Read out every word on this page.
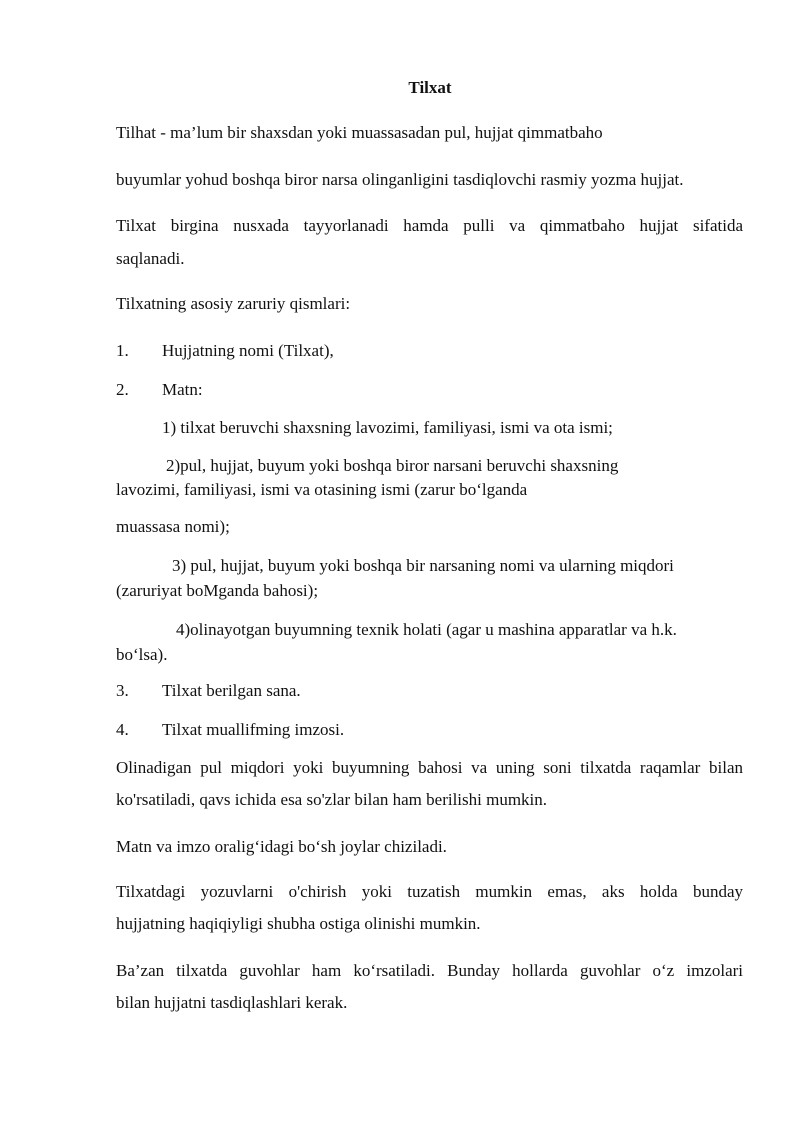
Tilxat
Tilhat - ma’lum bir shaxsdan yoki muassasadan pul, hujjat qimmatbaho
buyumlar yohud boshqa biror narsa olinganligini tasdiqlovchi rasmiy yozma hujjat.
Tilxat birgina nusxada tayyorlanadi hamda pulli va qimmatbaho hujjat sifatida
saqlanadi.
Tilxatning asosiy zaruriy qismlari:
1. Hujjatning nomi (Tilxat),
2. Matn:
1) tilxat beruvchi shaxsning lavozimi, familiyasi, ismi va ota ismi;
2)pul, hujjat, buyum yoki boshqa biror narsani beruvchi shaxsning
lavozimi, familiyasi, ismi va otasining ismi (zarur bo‘lganda
muassasa nomi);
3) pul, hujjat, buyum yoki boshqa bir narsaning nomi va ularning miqdori
(zaruriyat boMganda bahosi);
4)olinayotgan buyumning texnik holati (agar u mashina apparatlar va h.k.
bo‘lsa).
3. Tilxat berilgan sana.
4. Tilxat muallifming imzosi.
Olinadigan pul miqdori yoki buyumning bahosi va uning soni tilxatda raqamlar bilan
ko'rsatiladi, qavs ichida esa so'zlar bilan ham berilishi mumkin.
Matn va imzo oralig‘idagi bo‘sh joylar chiziladi.
Tilxatdagi yozuvlarni o'chirish yoki tuzatish mumkin emas, aks holda bunday
hujjatning haqiqiyligi shubha ostiga olinishi mumkin.
Ba’zan tilxatda guvohlar ham ko‘rsatiladi. Bunday hollarda guvohlar o‘z imzolari
bilan hujjatni tasdiqlashlari kerak.
